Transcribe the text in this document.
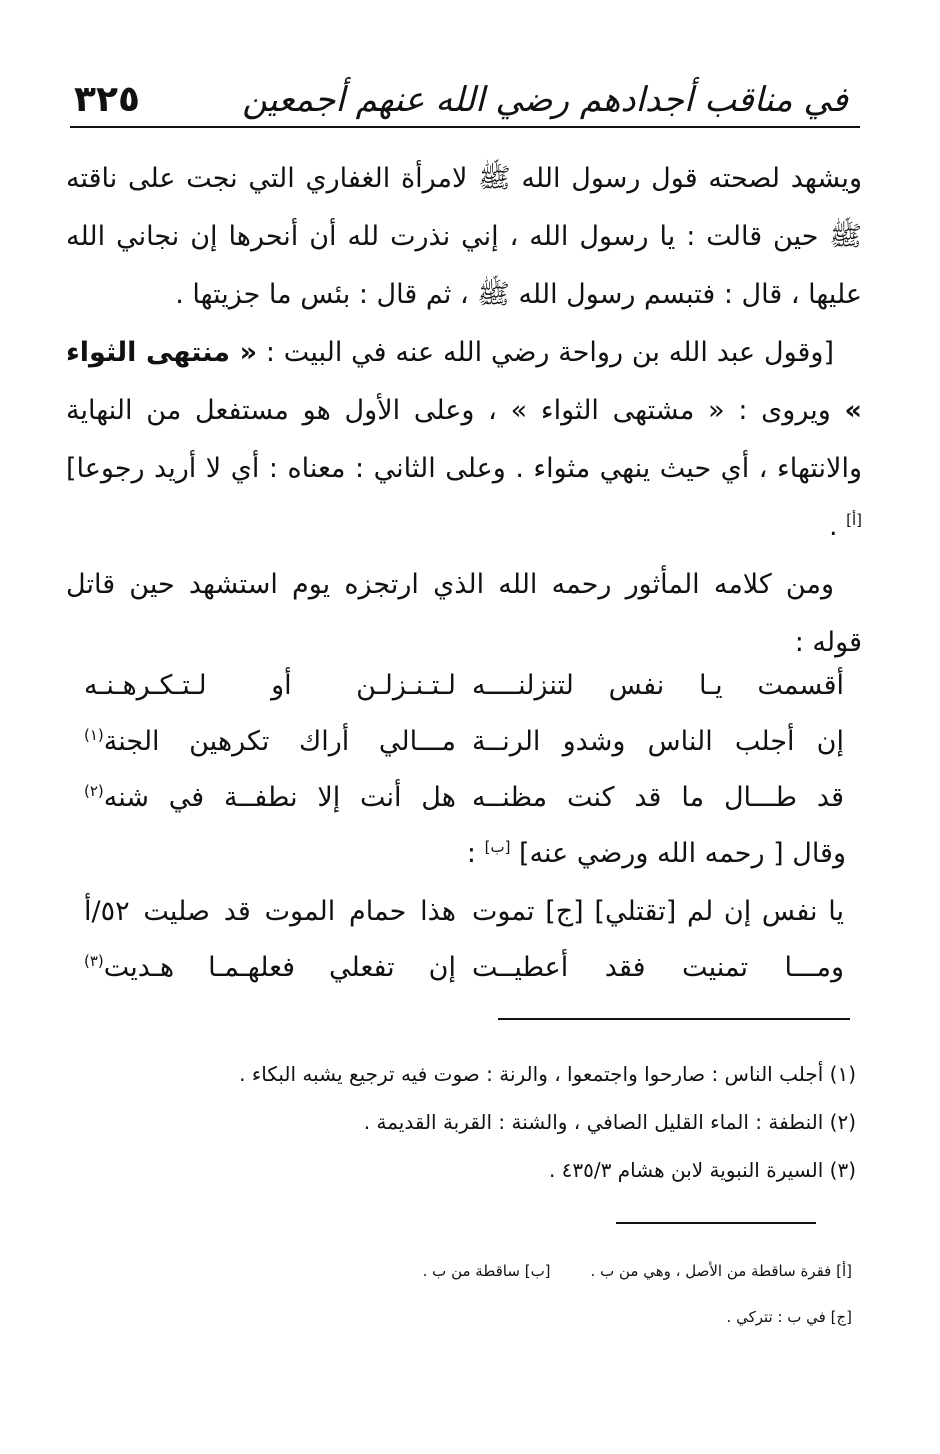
في مناقب أجدادهم رضي الله عنهم أجمعين
٣٢٥

ويشهد لصحته قول رسول الله ﷺ لامرأة الغفاري التي نجت على ناقته ﷺ حين قالت : يا رسول الله ، إني نذرت لله أن أنحرها إن نجاني الله عليها ، قال : فتبسم رسول الله ﷺ ، ثم قال : بئس ما جزيتها .

[وقول عبد الله بن رواحة رضي الله عنه في البيت : « منتهى الثواء » ويروى : « مشتهى الثواء » ، وعلى الأول هو مستفعل من النهاية والانتهاء ، أي حيث ينهي مثواء . وعلى الثاني : معناه : أي لا أريد رجوعا] [أ] .

ومن كلامه المأثور رحمه الله الذي ارتجزه يوم استشهد حين قاتل قوله :

أقسمت يـا نفس لتنزلنــــه
لـتـنـزلـن أو لـتـكـرهـنـه
إن أجلب الناس وشدو الرنــة
مـــالي أراك تكرهين الجنة$^{(١)}$
قد طـــال ما قد كنت مظنــه
هل أنت إلا نطفــة في شنه$^{(٢)}$
وقال [ رحمه الله ورضي عنه] [ب] :
يا نفس إن لم [تقتلي] [ج] تموت
هذا حمام الموت قد صليت ٥٢/أ
ومـــا تمنيت فقد أعطيــت
إن تفعلي فعلهـمـا هـديت$^{(٣)}$

(١) أجلب الناس : صارحوا واجتمعوا ، والرنة : صوت فيه ترجيع يشبه البكاء .

(٢) النطفة : الماء القليل الصافي ، والشنة : القربة القديمة .

(٣) السيرة النبوية لابن هشام ٤٣٥/٣ .

[أ] فقرة ساقطة من الأصل ، وهي من ب .
[ب] ساقطة من ب .
[ج] في ب : تتركي .
